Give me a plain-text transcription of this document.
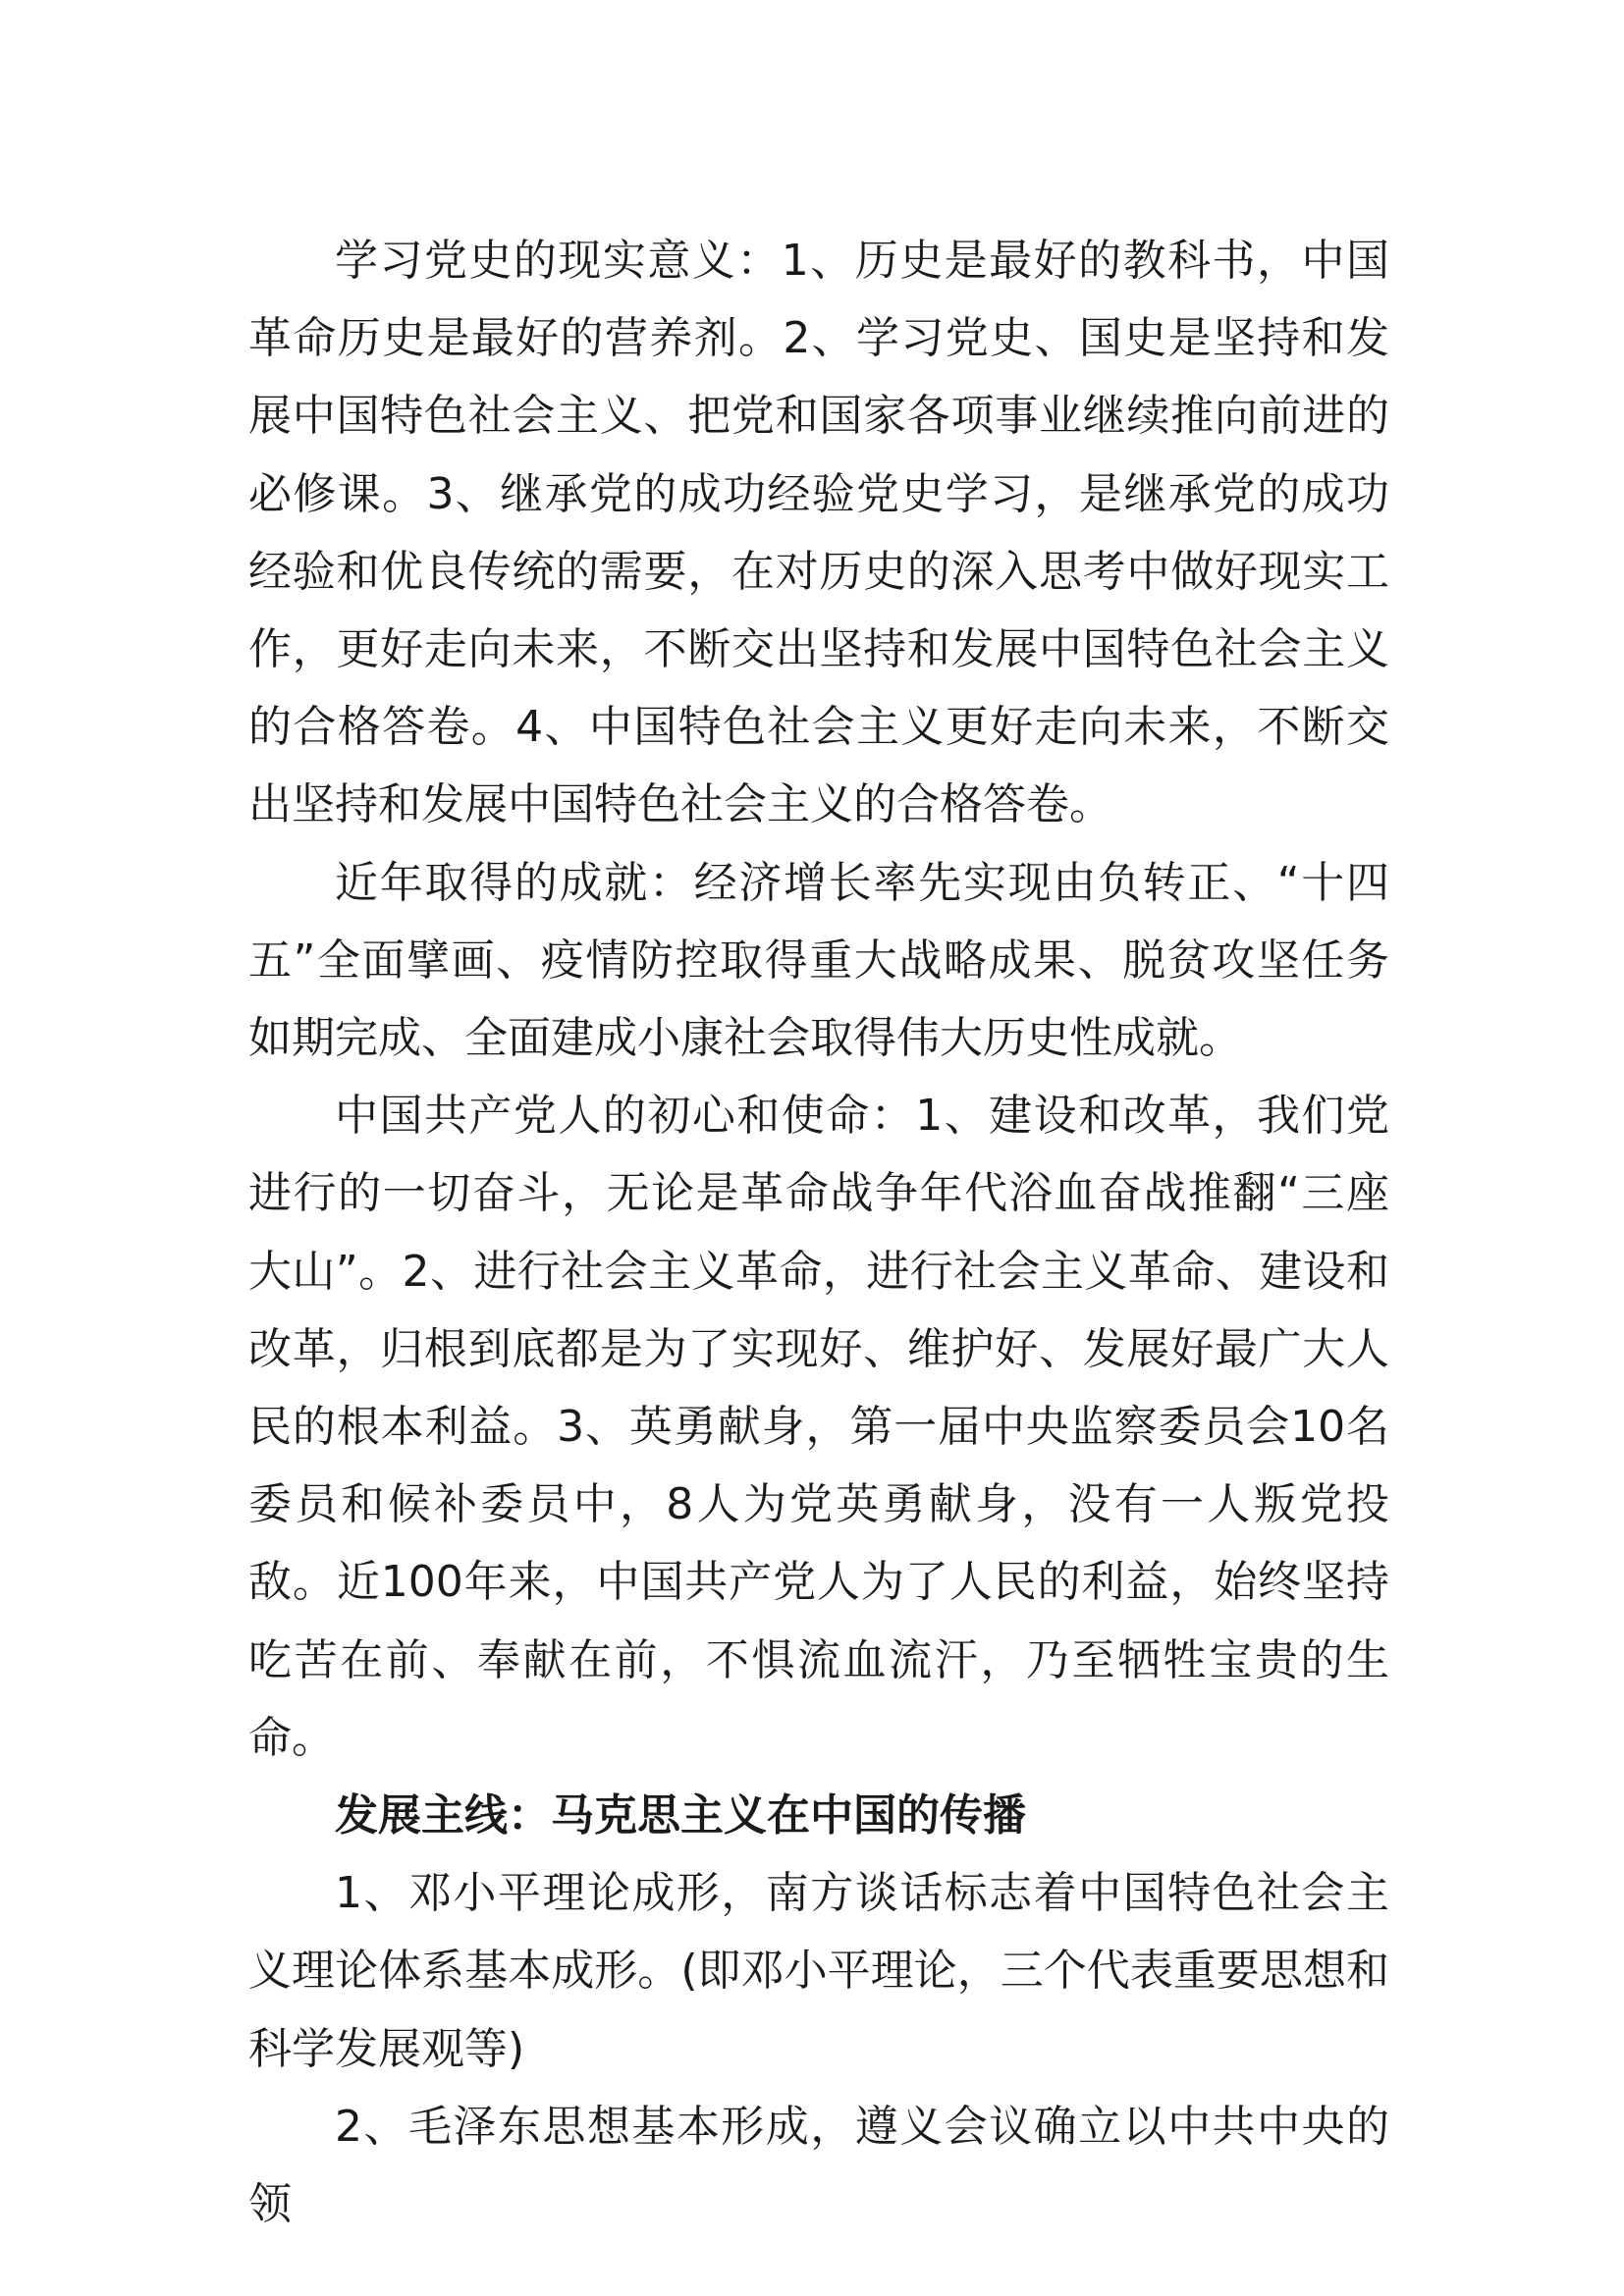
学习党史的现实意义：1、历史是最好的教科书，中国革命历史是最好的营养剂。2、学习党史、国史是坚持和发展中国特色社会主义、把党和国家各项事业继续推向前进的必修课。3、继承党的成功经验党史学习，是继承党的成功经验和优良传统的需要，在对历史的深入思考中做好现实工作，更好走向未来，不断交出坚持和发展中国特色社会主义的合格答卷。4、中国特色社会主义更好走向未来，不断交出坚持和发展中国特色社会主义的合格答卷。

近年取得的成就：经济增长率先实现由负转正、“十四五”全面擘画、疫情防控取得重大战略成果、脱贫攻坚任务如期完成、全面建成小康社会取得伟大历史性成就。

中国共产党人的初心和使命：1、建设和改革，我们党进行的一切奋斗，无论是革命战争年代浴血奋战推翻“三座大山”。2、进行社会主义革命，进行社会主义革命、建设和改革，归根到底都是为了实现好、维护好、发展好最广大人民的根本利益。3、英勇献身，第一届中央监察委员会10名委员和候补委员中，8人为党英勇献身，没有一人叛党投敌。近100年来，中国共产党人为了人民的利益，始终坚持吃苦在前、奉献在前，不惧流血流汗，乃至牺牲宝贵的生命。

发展主线：马克思主义在中国的传播

1、邓小平理论成形，南方谈话标志着中国特色社会主义理论体系基本成形。(即邓小平理论，三个代表重要思想和科学发展观等)

2、毛泽东思想基本形成，遵义会议确立以中共中央的领
